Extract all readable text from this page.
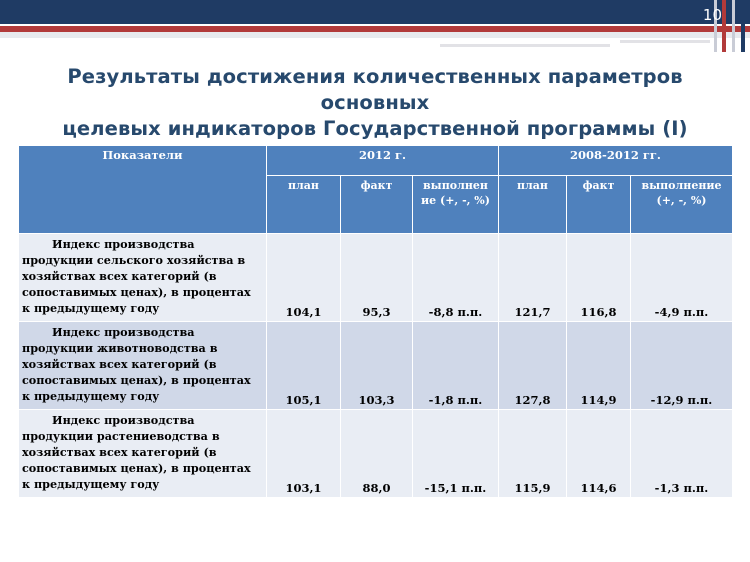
10
Результаты достижения количественных параметров основных
целевых индикаторов Государственной программы (I)
Показатели	2012 г.			2008-2012 гг.		
	план	факт	выполнен ие (+, -, %)	план	факт	выполнение (+, -, %)

Индекс производства
продукции сельского хозяйства в хозяйствах всех категорий (в сопоставимых ценах), в процентах к предыдущему году	104,1	95,3	-8,8 п.п.	121,7	116,8	-4,9 п.п.

Индекс производства
продукции животноводства в хозяйствах всех категорий (в сопоставимых ценах), в процентах к предыдущему году	105,1	103,3	-1,8 п.п.	127,8	114,9	-12,9 п.п.

Индекс производства
продукции растениеводства в хозяйствах всех категорий (в сопоставимых ценах), в процентах к предыдущему году	103,1	88,0	-15,1 п.п.	115,9	114,6	-1,3 п.п.
